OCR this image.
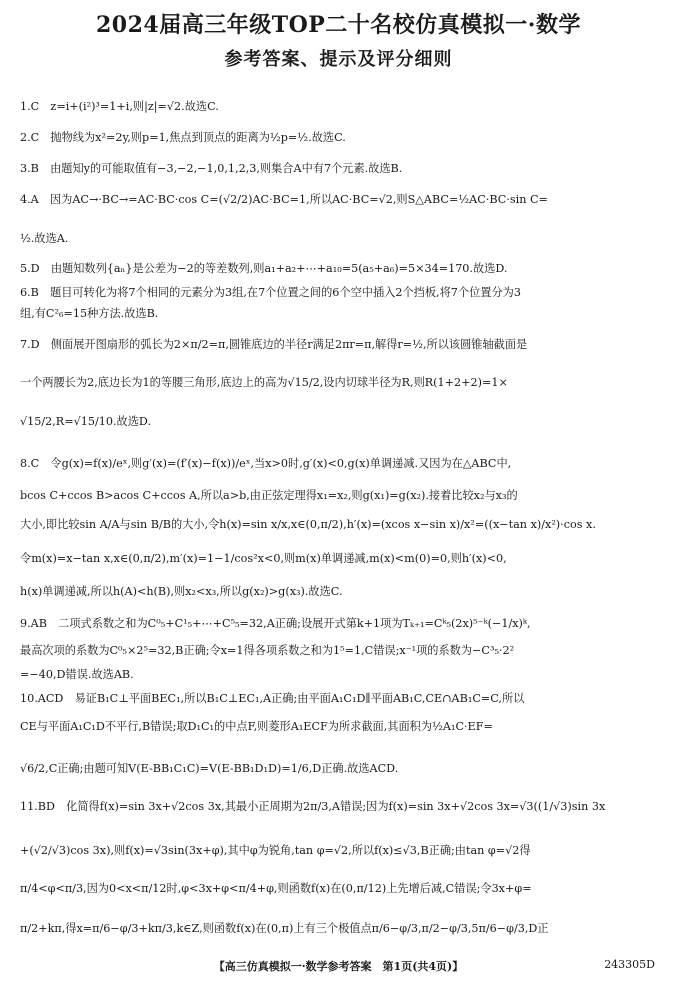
2024届高三年级TOP二十名校仿真模拟一·数学
参考答案、提示及评分细则
1.C　z=i+(i²)³=1+i,则|z|=√2.故选C.
2.C　抛物线为x²=2y,则p=1,焦点到顶点的距离为½p=½.故选C.
3.B　由题知y的可能取值有−3,−2,−1,0,1,2,3,则集合A中有7个元素.故选B.
4.A　因为AC→·BC→=AC·BC·cos C=(√2/2)AC·BC=1,所以AC·BC=√2,则S△ABC=½AC·BC·sin C=
½.故选A.
5.D　由题知数列{aₙ}是公差为−2的等差数列,则a₁+a₂+⋯+a₁₀=5(a₅+a₆)=5×34=170.故选D.
6.B　题目可转化为将7个相同的元素分为3组,在7个位置之间的6个空中插入2个挡板,将7个位置分为3
组,有C²₆=15种方法.故选B.
7.D　侧面展开图扇形的弧长为2×π/2=π,圆锥底边的半径r满足2πr=π,解得r=½,所以该圆锥轴截面是
一个两腰长为2,底边长为1的等腰三角形,底边上的高为√15/2,设内切球半径为R,则R(1+2+2)=1×
√15/2,R=√15/10.故选D.
8.C　令g(x)=f(x)/eˣ,则g′(x)=(f′(x)−f(x))/eˣ,当x>0时,g′(x)<0,g(x)单调递减.又因为在△ABC中,
bcos C+ccos B>acos C+ccos A,所以a>b,由正弦定理得x₁=x₂,则g(x₁)=g(x₂).接着比较x₂与x₃的
大小,即比较sin A/A与sin B/B的大小,令h(x)=sin x/x,x∈(0,π/2),h′(x)=(xcos x−sin x)/x²=((x−tan x)/x²)·cos x.
令m(x)=x−tan x,x∈(0,π/2),m′(x)=1−1/cos²x<0,则m(x)单调递减,m(x)<m(0)=0,则h′(x)<0,
h(x)单调递减,所以h(A)<h(B),则x₂<x₃,所以g(x₂)>g(x₃).故选C.
9.AB　二项式系数之和为C⁰₅+C¹₅+⋯+C⁵₅=32,A正确;设展开式第k+1项为Tₖ₊₁=Cᵏ₅(2x)⁵⁻ᵏ(−1/x)ᵏ,
最高次项的系数为C⁰₅×2⁵=32,B正确;令x=1得各项系数之和为1⁵=1,C错误;x⁻¹项的系数为−C³₅·2²
=−40,D错误.故选AB.
10.ACD　易证B₁C⊥平面BEC₁,所以B₁C⊥EC₁,A正确;由平面A₁C₁D∥平面AB₁C,CE∩AB₁C=C,所以
CE与平面A₁C₁D不平行,B错误;取D₁C₁的中点F,则菱形A₁ECF为所求截面,其面积为½A₁C·EF=
√6/2,C正确;由题可知V(E-BB₁C₁C)=V(E-BB₁D₁D)=1/6,D正确.故选ACD.
11.BD　化简得f(x)=sin 3x+√2cos 3x,其最小正周期为2π/3,A错误;因为f(x)=sin 3x+√2cos 3x=√3((1/√3)sin 3x
+(√2/√3)cos 3x),则f(x)=√3sin(3x+φ),其中φ为锐角,tan φ=√2,所以f(x)≤√3,B正确;由tan φ=√2得
π/4<φ<π/3,因为0<x<π/12时,φ<3x+φ<π/4+φ,则函数f(x)在(0,π/12)上先增后减,C错误;令3x+φ=
π/2+kπ,得x=π/6−φ/3+kπ/3,k∈Z,则函数f(x)在(0,π)上有三个极值点π/6−φ/3,π/2−φ/3,5π/6−φ/3,D正
【高三仿真模拟一·数学参考答案　第1页(共4页)】	243305D
